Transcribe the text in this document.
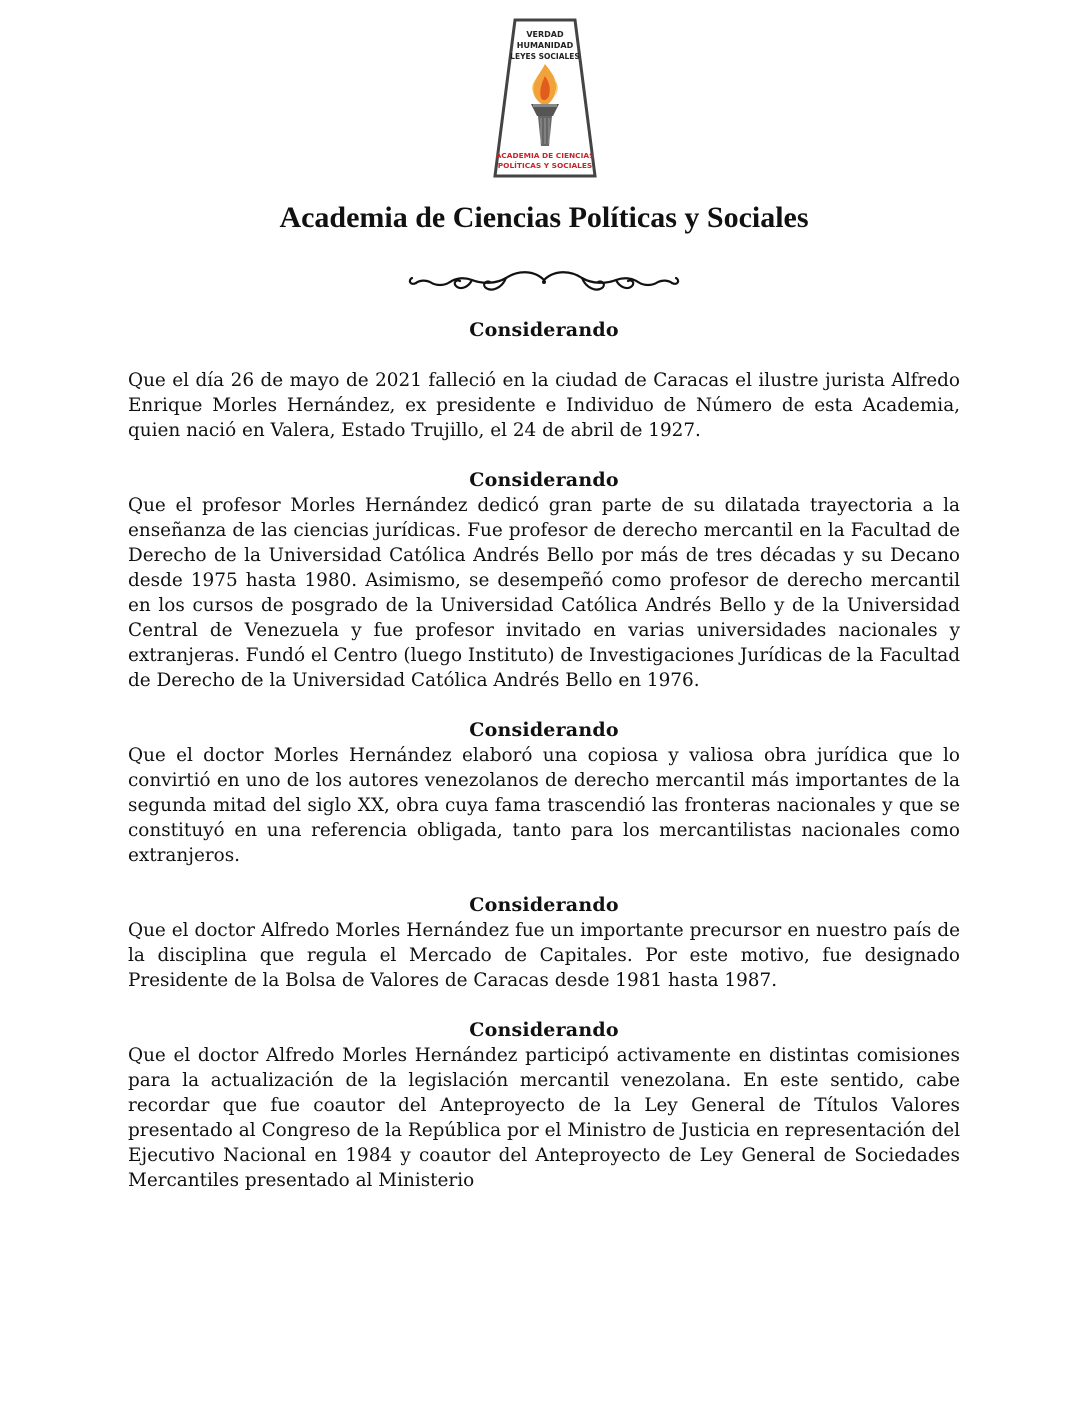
VERDAD
HUMANIDAD
LEYES SOCIALES
ACADEMIA DE CIENCIAS
POLÍTICAS Y SOCIALES
Academia de Ciencias Políticas y Sociales

Considerando

Que el día 26 de mayo de 2021 falleció en la ciudad de Caracas el ilustre jurista Alfredo Enrique Morles Hernández, ex presidente e Individuo de Número de esta Academia, quien nació en Valera, Estado Trujillo, el 24 de abril de 1927.

Considerando

Que el profesor Morles Hernández dedicó gran parte de su dilatada trayectoria a la enseñanza de las ciencias jurídicas. Fue profesor de derecho mercantil en la Facultad de Derecho de la Universidad Católica Andrés Bello por más de tres décadas y su Decano desde 1975 hasta 1980. Asimismo, se desempeñó como profesor de derecho mercantil en los cursos de posgrado de la Universidad Católica Andrés Bello y de la Universidad Central de Venezuela y fue profesor invitado en varias universidades nacionales y extranjeras. Fundó el Centro (luego Instituto) de Investigaciones Jurídicas de la Facultad de Derecho de la Universidad Católica Andrés Bello en 1976.

Considerando

Que el doctor Morles Hernández elaboró una copiosa y valiosa obra jurídica que lo convirtió en uno de los autores venezolanos de derecho mercantil más importantes de la segunda mitad del siglo XX, obra cuya fama trascendió las fronteras nacionales y que se constituyó en una referencia obligada, tanto para los mercantilistas nacionales como extranjeros.

Considerando

Que el doctor Alfredo Morles Hernández fue un importante precursor en nuestro país de la disciplina que regula el Mercado de Capitales. Por este motivo, fue designado Presidente de la Bolsa de Valores de Caracas desde 1981 hasta 1987.

Considerando

Que el doctor Alfredo Morles Hernández participó activamente en distintas comisiones para la actualización de la legislación mercantil venezolana. En este sentido, cabe recordar que fue coautor del Anteproyecto de la Ley General de Títulos Valores presentado al Congreso de la República por el Ministro de Justicia en representación del Ejecutivo Nacional en 1984 y coautor del Anteproyecto de Ley General de Sociedades Mercantiles presentado al Ministerio
